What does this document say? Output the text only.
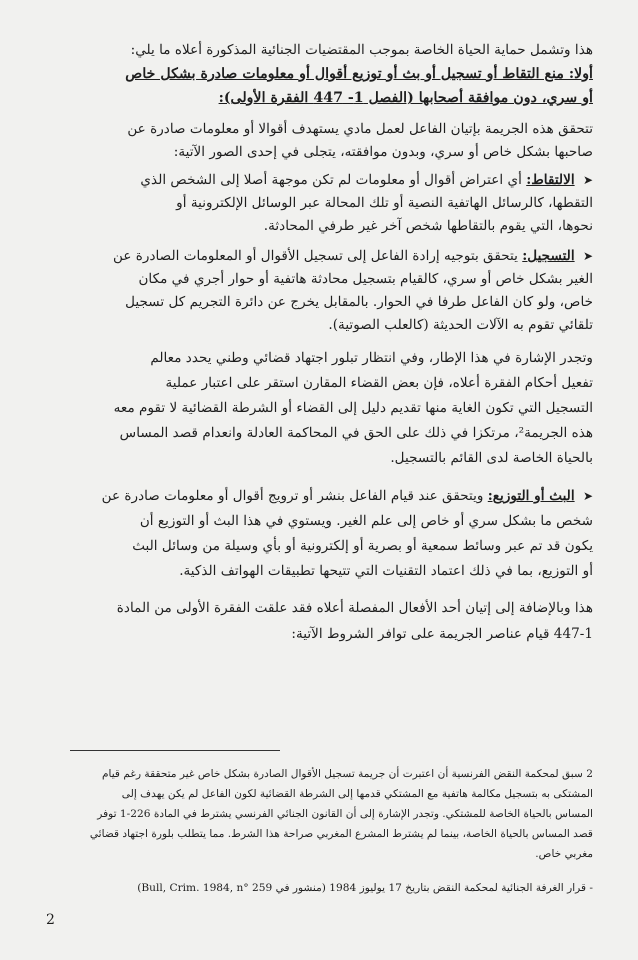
هذا وتشمل حماية الحياة الخاصة بموجب المقتضيات الجنائية المذكورة أعلاه ما يلي:
أولا: منع التقاط أو تسجيل أو بث أو توزيع أقوال أو معلومات صادرة بشكل خاص
أو سري، دون موافقة أصحابها (الفصل 1- 447 الفقرة الأولى):
تتحقق هذه الجريمة بإتيان الفاعل لعمل مادي يستهدف أقوالا أو معلومات صادرة عن
صاحبها بشكل خاص أو سري، وبدون موافقته، يتجلى في إحدى الصور الآتية:
➤ الالتقاط: أي اعتراض أقوال أو معلومات لم تكن موجهة أصلا إلى الشخص الذي
التقطها، كالرسائل الهاتفية النصية أو تلك المحالة عبر الوسائل الإلكترونية أو
نحوها، التي يقوم بالتقاطها شخص آخر غير طرفي المحادثة.
➤ التسجيل: يتحقق بتوجيه إرادة الفاعل إلى تسجيل الأقوال أو المعلومات الصادرة عن
الغير بشكل خاص أو سري، كالقيام بتسجيل محادثة هاتفية أو حوار أجري في مكان
خاص، ولو كان الفاعل طرفا في الحوار. بالمقابل يخرج عن دائرة التجريم كل تسجيل
تلقائي تقوم به الآلات الحديثة (كالعلب الصوتية).
وتجدر الإشارة في هذا الإطار، وفي انتظار تبلور اجتهاد قضائي وطني يحدد معالم
تفعيل أحكام الفقرة أعلاه، فإن بعض القضاء المقارن استقر على اعتبار عملية
التسجيل التي تكون الغاية منها تقديم دليل إلى القضاء أو الشرطة القضائية لا تقوم معه
هذه الجريمة²، مرتكزا في ذلك على الحق في المحاكمة العادلة وانعدام قصد المساس
بالحياة الخاصة لدى القائم بالتسجيل.
➤ البث أو التوزيع: ويتحقق عند قيام الفاعل بنشر أو ترويج أقوال أو معلومات صادرة عن
شخص ما بشكل سري أو خاص إلى علم الغير. ويستوي في هذا البث أو التوزيع أن
يكون قد تم عبر وسائط سمعية أو بصرية أو إلكترونية أو بأي وسيلة من وسائل البث
أو التوزيع، بما في ذلك اعتماد التقنيات التي تتيحها تطبيقات الهواتف الذكية.
هذا وبالإضافة إلى إتيان أحد الأفعال المفصلة أعلاه فقد علقت الفقرة الأولى من المادة
447-1 قيام عناصر الجريمة على توافر الشروط الآتية:
2 سبق لمحكمة النقض الفرنسية أن اعتبرت أن جريمة تسجيل الأقوال الصادرة بشكل خاص غير متحققة رغم قيام
المشتكى به بتسجيل مكالمة هاتفية مع المشتكي قدمها إلى الشرطة القضائية لكون الفاعل لم يكن يهدف إلى
المساس بالحياة الخاصة للمشتكي. وتجدر الإشارة إلى أن القانون الجنائي الفرنسي يشترط في المادة 226-1 توفر
قصد المساس بالحياة الخاصة، بينما لم يشترط المشرع المغربي صراحة هذا الشرط. مما يتطلب بلورة اجتهاد قضائي
مغربي خاص.
- قرار الغرفة الجنائية لمحكمة النقض بتاريخ 17 يوليوز 1984 (منشور في Bull, Crim. 1984, n° 259)
2
